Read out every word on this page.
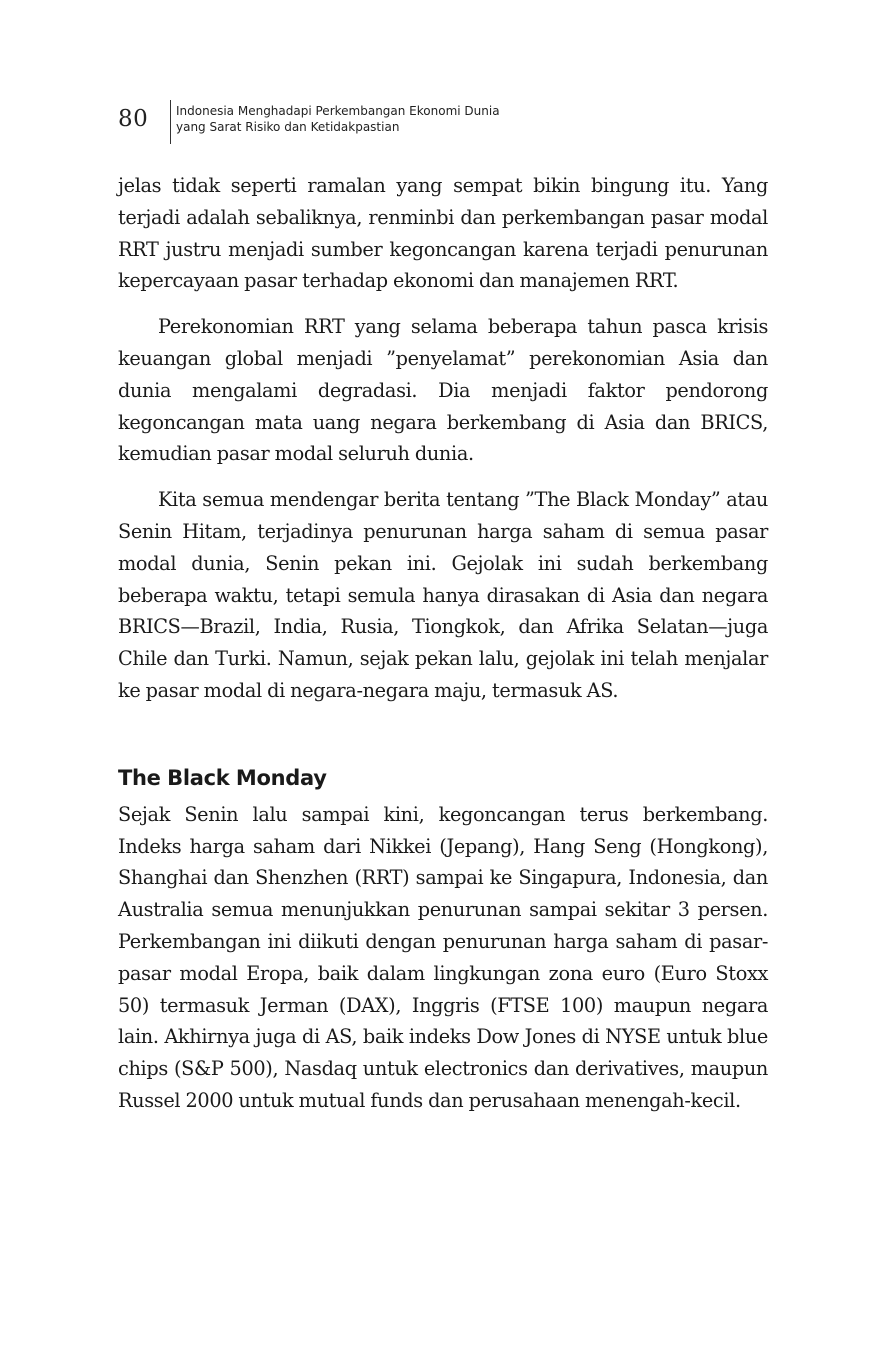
80 Indonesia Menghadapi Perkembangan Ekonomi Dunia
yang Sarat Risiko dan Ketidakpastian

jelas tidak seperti ramalan yang sempat bikin bingung itu. Yang terjadi adalah sebaliknya, renminbi dan perkembangan pasar modal RRT justru menjadi sumber kegoncangan karena terjadi penurunan kepercayaan pasar terhadap ekonomi dan manajemen RRT.

Perekonomian RRT yang selama beberapa tahun pasca krisis keuangan global menjadi ”penyelamat” perekonomian Asia dan dunia mengalami degradasi. Dia menjadi faktor pendorong kegoncangan mata uang negara berkembang di Asia dan BRICS, kemudian pasar modal seluruh dunia.

Kita semua mendengar berita tentang ”The Black Monday” atau Senin Hitam, terjadinya penurunan harga saham di semua pasar modal dunia, Senin pekan ini. Gejolak ini sudah berkembang beberapa waktu, tetapi semula hanya dirasakan di Asia dan negara BRICS—Brazil, India, Rusia, Tiongkok, dan Afrika Selatan—juga Chile dan Turki. Namun, sejak pekan lalu, gejolak ini telah menjalar ke pasar modal di negara-negara maju, termasuk AS.

The Black Monday

Sejak Senin lalu sampai kini, kegoncangan terus berkembang. Indeks harga saham dari Nikkei (Jepang), Hang Seng (Hongkong), Shanghai dan Shenzhen (RRT) sampai ke Singapura, Indonesia, dan Australia semua menunjukkan penurunan sampai sekitar 3 persen. Perkembangan ini diikuti dengan penurunan harga saham di pasar-pasar modal Eropa, baik dalam lingkungan zona euro (Euro Stoxx 50) termasuk Jerman (DAX), Inggris (FTSE 100) maupun negara lain. Akhirnya juga di AS, baik indeks Dow Jones di NYSE untuk blue chips (S&P 500), Nasdaq untuk electronics dan derivatives, maupun Russel 2000 untuk mutual funds dan perusahaan menengah-kecil.
